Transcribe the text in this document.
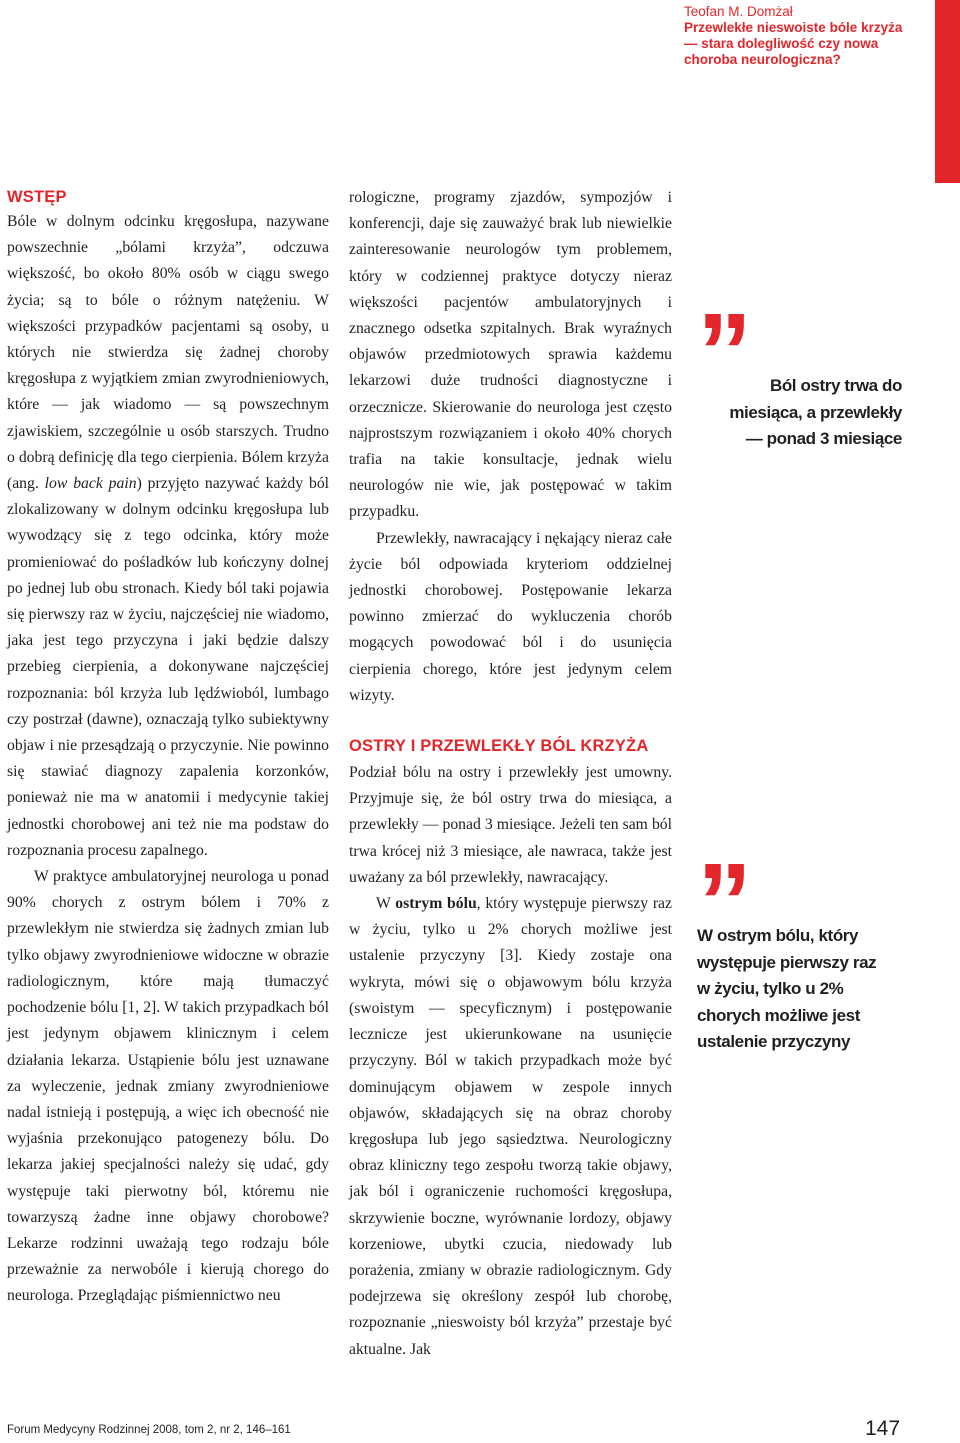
Teofan M. Domżał
Przewlekłe nieswoiste bóle krzyża
— stara dolegliwość czy nowa
choroba neurologiczna?
WSTĘP

Bóle w dolnym odcinku kręgosłupa, nazywane powszechnie „bólami krzyża”, odczuwa większość, bo około 80% osób w ciągu swego życia; są to bóle o różnym natężeniu. W większości przypadków pacjentami są osoby, u których nie stwierdza się żadnej choroby kręgosłupa z wyjątkiem zmian zwyrodnieniowych, które — jak wiadomo — są powszechnym zjawiskiem, szczególnie u osób starszych. Trudno o dobrą definicję dla tego cierpienia. Bólem krzyża (ang. low back pain) przyjęto nazywać każdy ból zlokalizowany w dolnym odcinku kręgosłupa lub wywodzący się z tego odcinka, który może promieniować do pośladków lub kończyny dolnej po jednej lub obu stronach. Kiedy ból taki pojawia się pierwszy raz w życiu, najczęściej nie wiadomo, jaka jest tego przyczyna i jaki będzie dalszy przebieg cierpienia, a dokonywane najczęściej rozpoznania: ból krzyża lub lędźwioból, lumbago czy postrzał (dawne), oznaczają tylko subiektywny objaw i nie przesądzają o przyczynie. Nie powinno się stawiać diagnozy zapalenia korzonków, ponieważ nie ma w anatomii i medycynie takiej jednostki chorobowej ani też nie ma podstaw do rozpoznania procesu zapalnego.

W praktyce ambulatoryjnej neurologa u ponad 90% chorych z ostrym bólem i 70% z przewlekłym nie stwierdza się żadnych zmian lub tylko objawy zwyrodnieniowe widoczne w obrazie radiologicznym, które mają tłumaczyć pochodzenie bólu [1, 2]. W takich przypadkach ból jest jedynym objawem klinicznym i celem działania lekarza. Ustąpienie bólu jest uznawane za wyleczenie, jednak zmiany zwyrodnieniowe nadal istnieją i postępują, a więc ich obecność nie wyjaśnia przekonująco patogenezy bólu. Do lekarza jakiej specjalności należy się udać, gdy występuje taki pierwotny ból, któremu nie towarzyszą żadne inne objawy chorobowe? Lekarze rodzinni uważają tego rodzaju bóle przeważnie za nerwobóle i kierują chorego do neurologa. Przeglądając piśmiennictwo neu

rologiczne, programy zjazdów, sympozjów i konferencji, daje się zauważyć brak lub niewielkie zainteresowanie neurologów tym problemem, który w codziennej praktyce dotyczy nieraz większości pacjentów ambulatoryjnych i znacznego odsetka szpitalnych. Brak wyraźnych objawów przedmiotowych sprawia każdemu lekarzowi duże trudności diagnostyczne i orzecznicze. Skierowanie do neurologa jest często najprostszym rozwiązaniem i około 40% chorych trafia na takie konsultacje, jednak wielu neurologów nie wie, jak postępować w takim przypadku.

Przewlekły, nawracający i nękający nieraz całe życie ból odpowiada kryteriom oddzielnej jednostki chorobowej. Postępowanie lekarza powinno zmierzać do wykluczenia chorób mogących powodować ból i do usunięcia cierpienia chorego, które jest jedynym celem wizyty.

OSTRY I PRZEWLEKŁY BÓL KRZYŻA

Podział bólu na ostry i przewlekły jest umowny. Przyjmuje się, że ból ostry trwa do miesiąca, a przewlekły — ponad 3 miesiące. Jeżeli ten sam ból trwa krócej niż 3 miesiące, ale nawraca, także jest uważany za ból przewlekły, nawracający.

W ostrym bólu, który występuje pierwszy raz w życiu, tylko u 2% chorych możliwe jest ustalenie przyczyny [3]. Kiedy zostaje ona wykryta, mówi się o objawowym bólu krzyża (swoistym — specyficznym) i postępowanie lecznicze jest ukierunkowane na usunięcie przyczyny. Ból w takich przypadkach może być dominującym objawem w zespole innych objawów, składających się na obraz choroby kręgosłupa lub jego sąsiedztwa. Neurologiczny obraz kliniczny tego zespołu tworzą takie objawy, jak ból i ograniczenie ruchomości kręgosłupa, skrzywienie boczne, wyrównanie lordozy, objawy korzeniowe, ubytki czucia, niedowady lub porażenia, zmiany w obrazie radiologicznym. Gdy podejrzewa się określony zespół lub chorobę, rozpoznanie „nieswoisty ból krzyża” przestaje być aktualne. Jak

”	Ból ostry trwa do
miesiąca, a przewlekły
— ponad 3 miesiące
”
W ostrym bólu, który
występuje pierwszy raz
w życiu, tylko u 2%
chorych możliwe jest
ustalenie przyczyny
Forum Medycyny Rodzinnej 2008, tom 2, nr 2, 146–161	147
